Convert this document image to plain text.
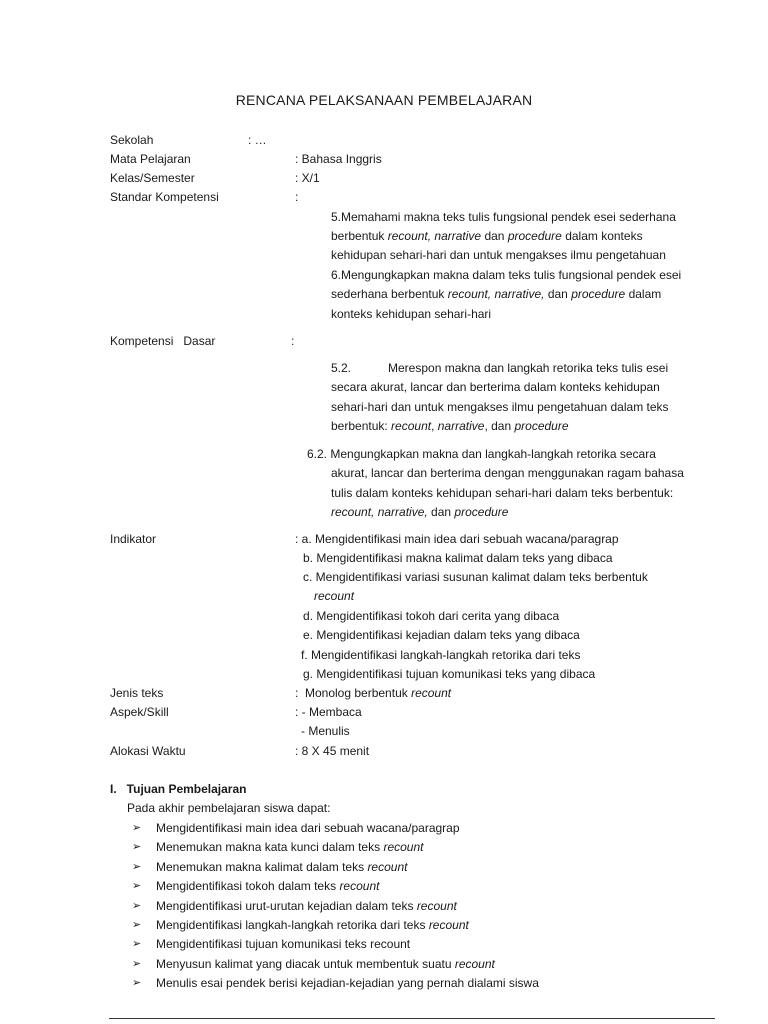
RENCANA PELAKSANAAN PEMBELAJARAN
Sekolah	: …
Mata Pelajaran	: Bahasa Inggris
Kelas/Semester	: X/1
Standar Kompetensi	:
5.Memahami makna teks tulis fungsional pendek esei sederhana
berbentuk recount, narrative dan procedure dalam konteks
kehidupan sehari-hari dan untuk mengakses ilmu pengetahuan
6.Mengungkapkan makna dalam teks tulis fungsional pendek esei
sederhana berbentuk recount, narrative, dan procedure dalam
konteks kehidupan sehari-hari
Kompetensi   Dasar	:
5.2.	Merespon makna dan langkah retorika teks tulis esei
secara akurat, lancar dan berterima dalam konteks kehidupan
sehari-hari dan untuk mengakses ilmu pengetahuan dalam teks
berbentuk: recount, narrative, dan procedure
6.2. Mengungkapkan makna dan langkah-langkah retorika secara
akurat, lancar dan berterima dengan menggunakan ragam bahasa
tulis dalam konteks kehidupan sehari-hari dalam teks berbentuk:
recount, narrative, dan procedure
Indikator	: a. Mengidentifikasi main idea dari sebuah wacana/paragrap
b. Mengidentifikasi makna kalimat dalam teks yang dibaca
c. Mengidentifikasi variasi susunan kalimat dalam teks berbentuk
recount
d. Mengidentifikasi tokoh dari cerita yang dibaca
e. Mengidentifikasi kejadian dalam teks yang dibaca
f. Mengidentifikasi langkah-langkah retorika dari teks
g. Mengidentifikasi tujuan komunikasi teks yang dibaca
Jenis teks	:  Monolog berbentuk recount
Aspek/Skill	: - Membaca
- Menulis
Alokasi Waktu	: 8 X 45 menit
I.   Tujuan Pembelajaran
Pada akhir pembelajaran siswa dapat:
➢	Mengidentifikasi main idea dari sebuah wacana/paragrap
➢	Menemukan makna kata kunci dalam teks recount
➢	Menemukan makna kalimat dalam teks recount
➢	Mengidentifikasi tokoh dalam teks recount
➢	Mengidentifikasi urut-urutan kejadian dalam teks recount
➢	Mengidentifikasi langkah-langkah retorika dari teks recount
➢	Mengidentifikasi tujuan komunikasi teks recount
➢	Menyusun kalimat yang diacak untuk membentuk suatu recount
➢	Menulis esai pendek berisi kejadian-kejadian yang pernah dialami siswa
